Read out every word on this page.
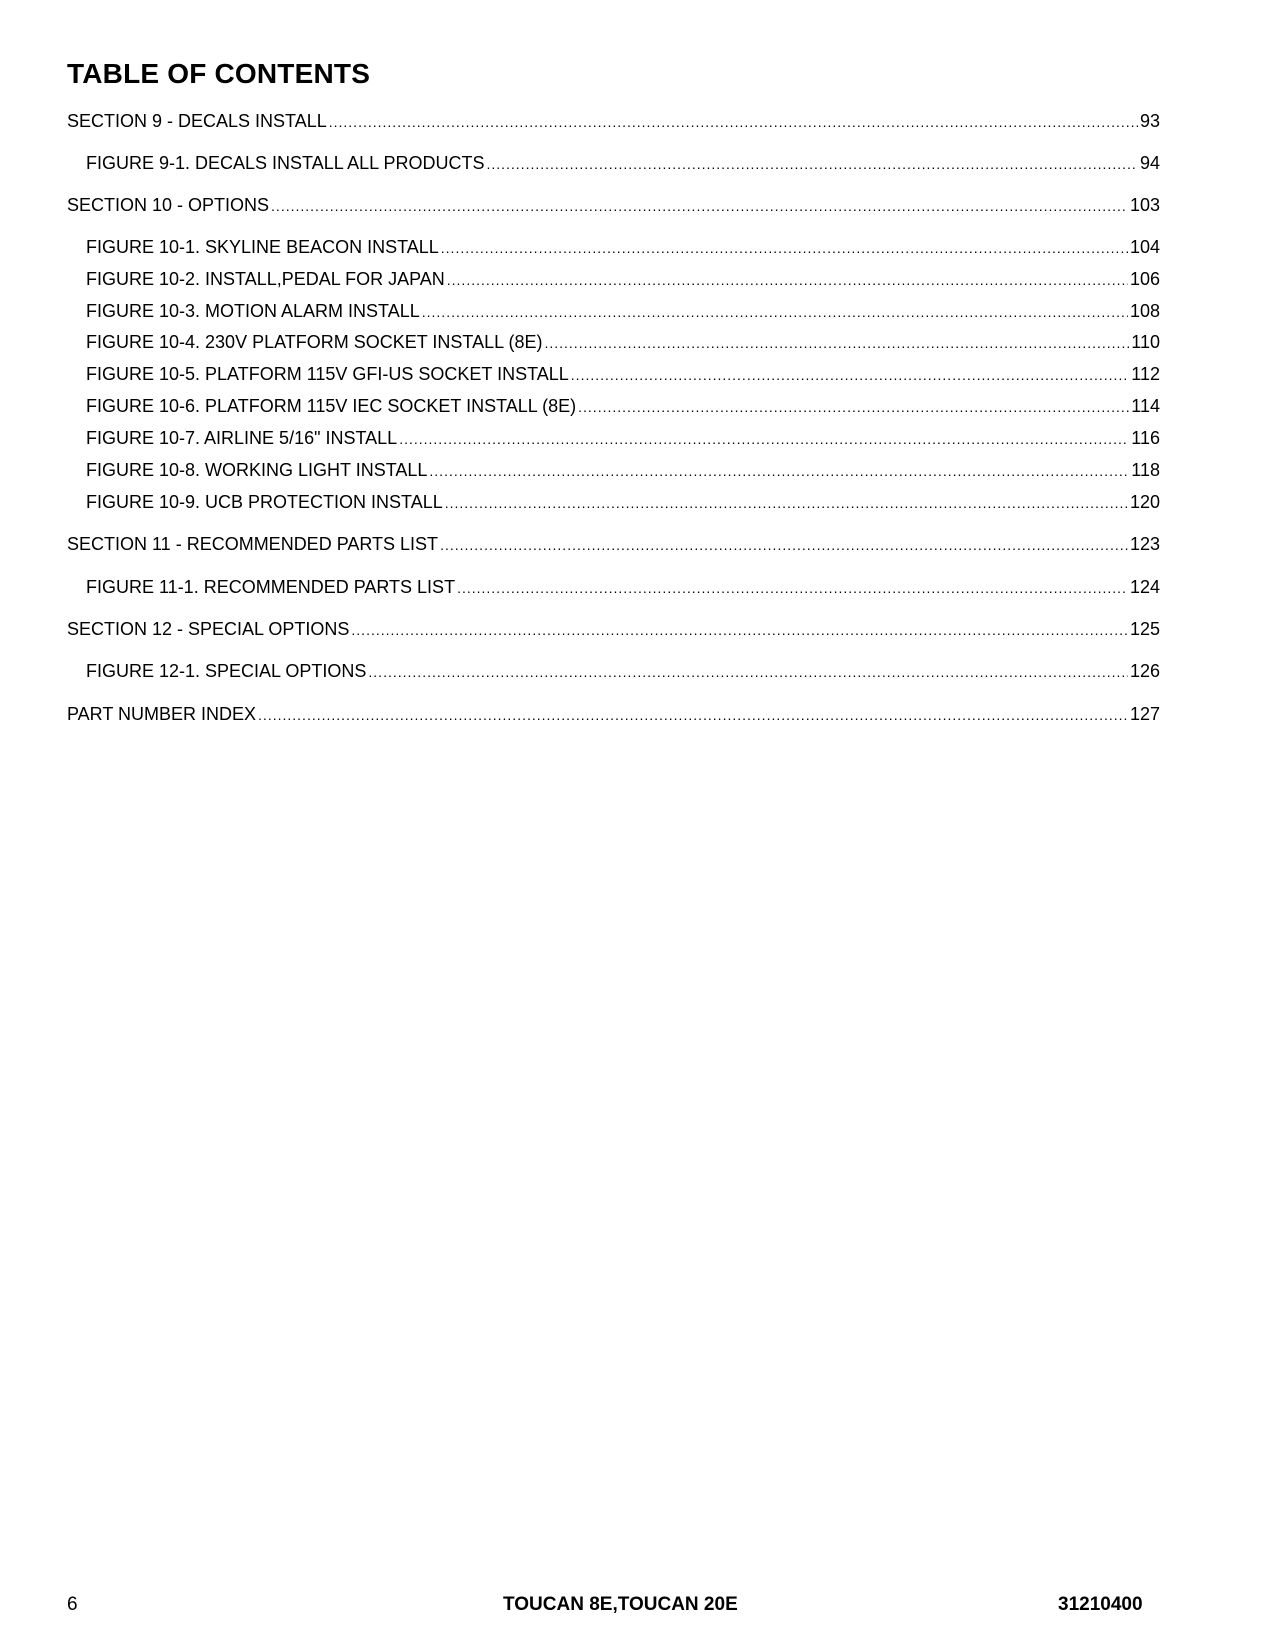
TABLE OF CONTENTS
SECTION 9 - DECALS INSTALL .....	93
FIGURE 9-1. DECALS INSTALL ALL PRODUCTS .....	94
SECTION 10 - OPTIONS .....	103
FIGURE 10-1. SKYLINE BEACON INSTALL .....	104
FIGURE 10-2. INSTALL,PEDAL FOR JAPAN .....	106
FIGURE 10-3. MOTION ALARM INSTALL .....	108
FIGURE 10-4. 230V PLATFORM SOCKET INSTALL (8E) .....	110
FIGURE 10-5. PLATFORM 115V GFI-US SOCKET INSTALL .....	112
FIGURE 10-6. PLATFORM 115V IEC SOCKET INSTALL (8E) .....	114
FIGURE 10-7. AIRLINE 5/16" INSTALL .....	116
FIGURE 10-8. WORKING LIGHT INSTALL .....	118
FIGURE 10-9. UCB PROTECTION INSTALL .....	120
SECTION 11 - RECOMMENDED PARTS LIST .....	123
FIGURE 11-1. RECOMMENDED PARTS LIST .....	124
SECTION 12 - SPECIAL OPTIONS .....	125
FIGURE 12-1. SPECIAL OPTIONS .....	126
PART NUMBER INDEX .....	127
6	TOUCAN 8E,TOUCAN 20E	31210400
